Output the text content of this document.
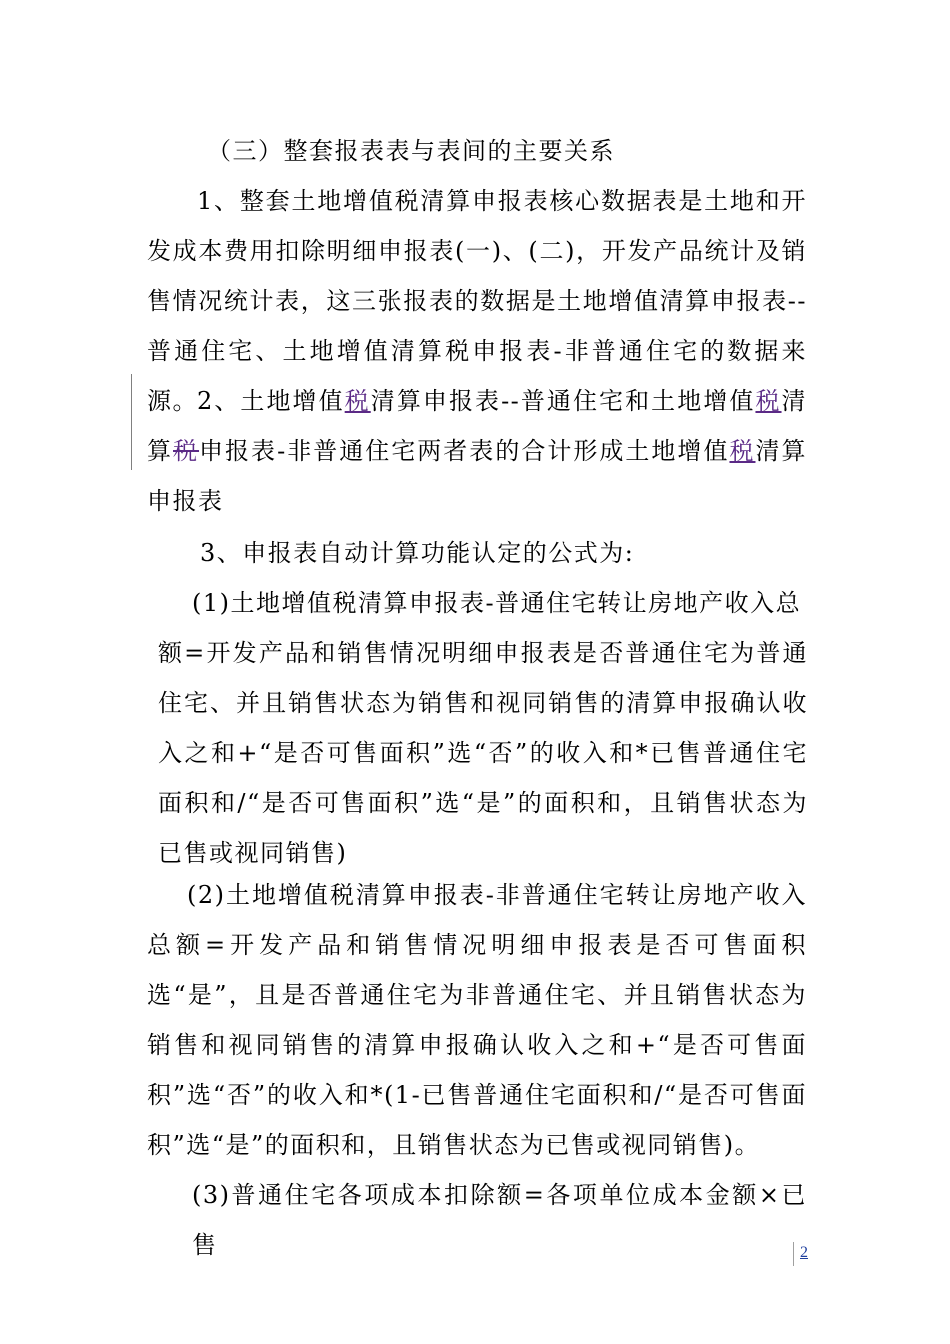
（三）整套报表表与表间的主要关系

1、整套土地增值税清算申报表核心数据表是土地和开发成本费用扣除明细申报表(一)、(二)，开发产品统计及销售情况统计表，这三张报表的数据是土地增值清算申报表--普通住宅、土地增值清算税申报表-非普通住宅的数据来源。 2、土地增值税清算申报表--普通住宅和土地增值税清算税申报表-非普通住宅两者表的合计形成土地增值税清算申报表

3、申报表自动计算功能认定的公式为:

(1)土地增值税清算申报表-普通住宅转让房地产收入总

额=开发产品和销售情况明细申报表是否普通住宅为普通住宅、并且销售状态为销售和视同销售的清算申报确认收入之和+“是否可售面积”选“否”的收入和*已售普通住宅面积和/“是否可售面积”选“是”的面积和，且销售状态为已售或视同销售)

(2)土地增值税清算申报表-非普通住宅转让房地产收入总额=开发产品和销售情况明细申报表是否可售面积选“是”，且是否普通住宅为非普通住宅、并且销售状态为销售和视同销售的清算申报确认收入之和+“是否可售面积”选“否”的收入和*(1-已售普通住宅面积和/“是否可售面积”选“是”的面积和，且销售状态为已售或视同销售)。

(3)普通住宅各项成本扣除额=各项单位成本金额×已售	2
